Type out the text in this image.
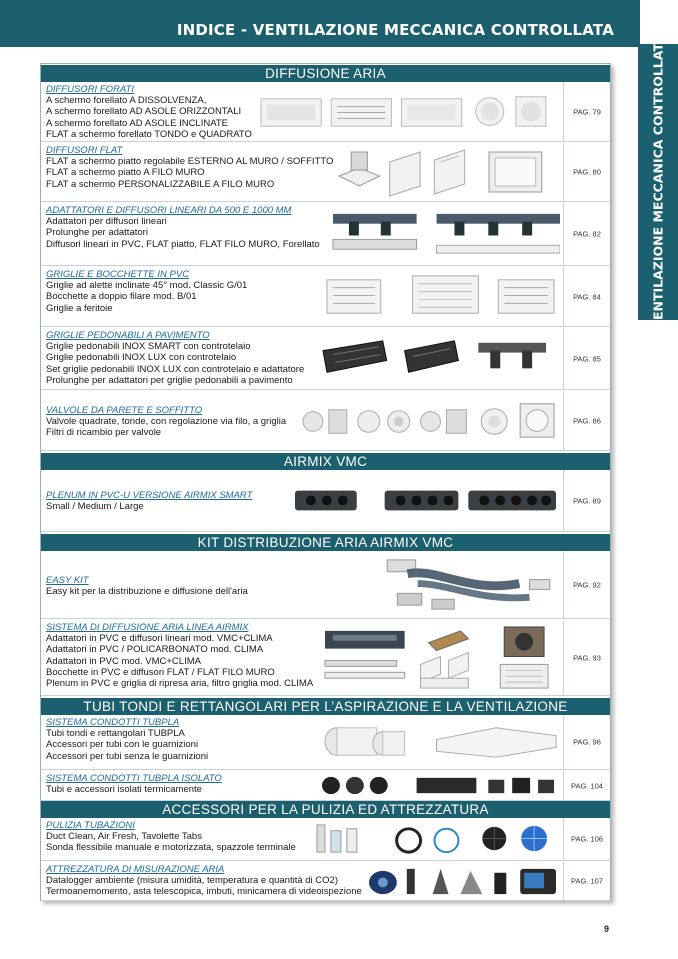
INDICE - VENTILAZIONE MECCANICA CONTROLLATA
VENTILAZIONE MECCANICA CONTROLLATA
DIFFUSIONE ARIA
DIFFUSORI FORATI
A schermo forellato A DISSOLVENZA,
A schermo forellato AD ASOLE ORIZZONTALI
A schermo forellato AD ASOLE INCLINATE
FLAT a schermo forellato TONDO e QUADRATO
PAG. 79
DIFFUSORI FLAT
FLAT a schermo piatto regolabile ESTERNO AL MURO / SOFFITTO
FLAT a schermo piatto A FILO MURO
FLAT a schermo PERSONALIZZABILE A FILO MURO
PAG. 80
ADATTATORI E DIFFUSORI LINEARI DA 500 E 1000 MM
Adattatori per diffusori lineari
Prolunghe per adattatori
Diffusori lineari in PVC, FLAT piatto, FLAT FILO MURO, Forellato
PAG. 82
GRIGLIE E BOCCHETTE IN PVC
Griglie ad alette inclinate 45° mod. Classic G/01
Bocchette a doppio filare mod. B/01
Griglie a feritoie
PAG. 84
GRIGLIE PEDONABILI A PAVIMENTO
Griglie pedonabili INOX SMART con controtelaio
Griglie pedonabili INOX LUX con controtelaio
Set griglie pedonabili INOX LUX con controtelaio e adattatore
Prolunghe per adattatori per griglie pedonabili a pavimento
PAG. 85
VALVOLE DA PARETE E SOFFITTO
Valvole quadrate, tonde, con regolazione via filo, a griglia
Filtri di ricambio per valvole
PAG. 86
AIRMIX VMC
PLENUM IN PVC-U VERSIONE AIRMIX SMART
Small / Medium / Large
PAG. 89
KIT DISTRIBUZIONE ARIA AIRMIX VMC
EASY KIT
Easy kit per la distribuzione e diffusione dell'aria
PAG. 92
SISTEMA DI DIFFUSIONE ARIA LINEA AIRMIX
Adattatori in PVC e diffusori lineari mod. VMC+CLIMA
Adattatori in PVC / POLICARBONATO mod. CLIMA
Adattatori in PVC mod. VMC+CLIMA
Bocchette in PVC e diffusori FLAT / FLAT FILO MURO
Plenum in PVC e griglia di ripresa aria, filtro griglia mod. CLIMA
PAG. 93
TUBI TONDI E RETTANGOLARI PER L’ASPIRAZIONE E LA VENTILAZIONE
SISTEMA CONDOTTI TUBPLA
Tubi tondi e rettangolari TUBPLA
Accessori per tubi con le guarnizioni
Accessori per tubi senza le guarnizioni
PAG. 96
SISTEMA CONDOTTI TUBPLA ISOLATO
Tubi e accessori isolati termicamente	PAG. 104
ACCESSORI PER LA PULIZIA ED ATTREZZATURA
PULIZIA TUBAZIONI
Duct Clean, Air Fresh, Tavolette Tabs
Sonda flessibile manuale e motorizzata, spazzole terminale
PAG. 106
ATTREZZATURA DI MISURAZIONE ARIA
Datalogger ambiente (misura umidità, temperatura e quantità di CO2)
Termoanemomento, asta telescopica, imbuti, minicamera di videoispezione
PAG. 107
9
